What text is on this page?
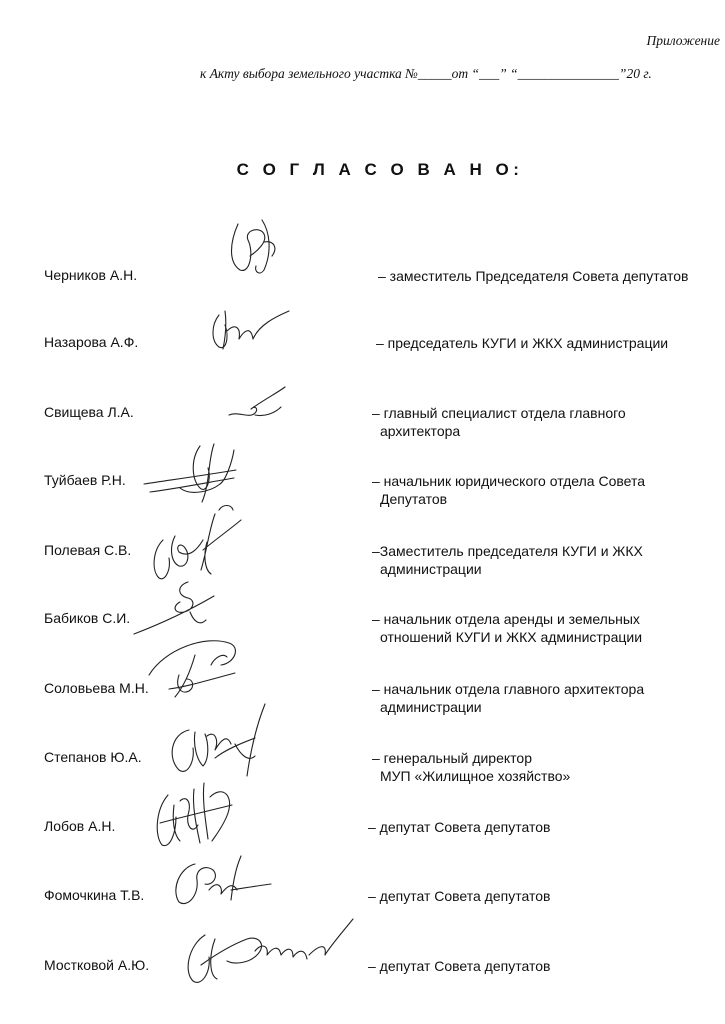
Приложение
к Акту выбора земельного участка №_____от “___” “_______________”20 г.
С О Г Л А С О В А Н О:
Черников А.Н.	– заместитель Председателя Совета депутатов
Назарова А.Ф.	– председатель КУГИ и ЖКХ администрации
Свищева Л.А.	– главный специалист отдела главного
архитектора
Туйбаев Р.Н.	– начальник юридического отдела Совета
Депутатов
Полевая С.В.	–Заместитель председателя КУГИ и ЖКХ
администрации
Бабиков С.И.	– начальник отдела аренды и земельных
отношений КУГИ и ЖКХ администрации
Соловьева М.Н.	– начальник отдела главного архитектора
администрации
Степанов Ю.А.	– генеральный директор
МУП «Жилищное хозяйство»
Лобов А.Н.	– депутат Совета депутатов
Фомочкина Т.В.	– депутат Совета депутатов
Мостковой А.Ю.	– депутат Совета депутатов
